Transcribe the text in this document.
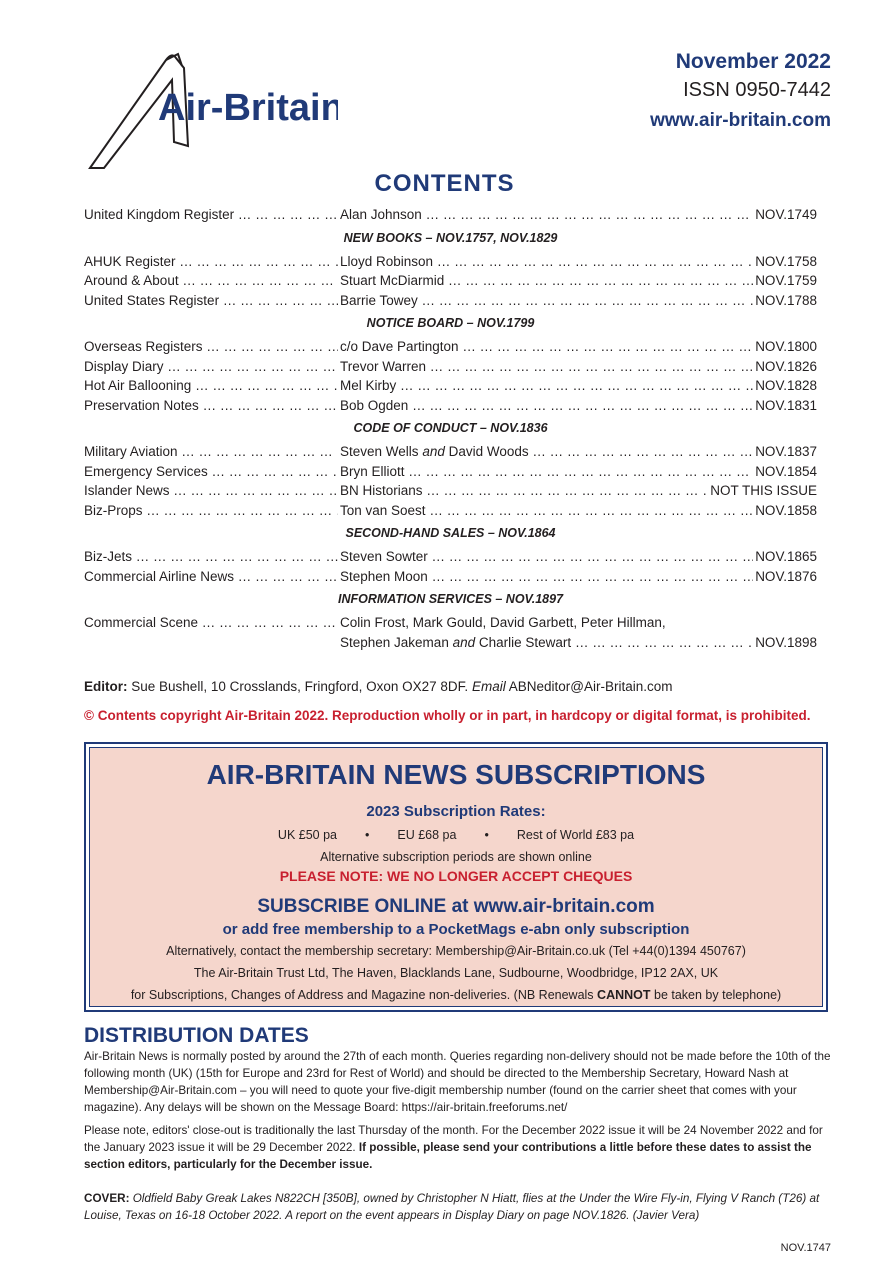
Air-Britain
November 2022
ISSN 0950-7442
www.air-britain.com
CONTENTS
United Kingdom Register … … … … … … … … … … … … … … … … … …	Alan Johnson … … … … … … … … … … … … … … … … … … … … … … … … … … … … … … … … … …	NOV.1749
NEW BOOKS – NOV.1757, NOV.1829
AHUK Register … … … … … … … … … … … … … … … … … …	Lloyd Robinson … … … … … … … … … … … … … … … … … … … … … … … … … … … … … … … … … …	NOV.1758
Around & About … … … … … … … … … … … … … … … … … …	Stuart McDiarmid … … … … … … … … … … … … … … … … … … … … … … … … … … … … … … … … … …	NOV.1759
United States Register … … … … … … … … … … … … … … … … … …	Barrie Towey … … … … … … … … … … … … … … … … … … … … … … … … … … … … … … … … … …	NOV.1788
NOTICE BOARD – NOV.1799
Overseas Registers … … … … … … … … … … … … … … … … … …	c/o Dave Partington … … … … … … … … … … … … … … … … … … … … … … … … … … … … … … … … … …	NOV.1800
Display Diary … … … … … … … … … … … … … … … … … …	Trevor Warren … … … … … … … … … … … … … … … … … … … … … … … … … … … … … … … … … …	NOV.1826
Hot Air Ballooning … … … … … … … … … … … … … … … … … …	Mel Kirby … … … … … … … … … … … … … … … … … … … … … … … … … … … … … … … … … …	NOV.1828
Preservation Notes … … … … … … … … … … … … … … … … … …	Bob Ogden … … … … … … … … … … … … … … … … … … … … … … … … … … … … … … … … … …	NOV.1831
CODE OF CONDUCT – NOV.1836
Military Aviation … … … … … … … … … … … … … … … … … …	Steven Wells and David Woods … … … … … … … … … … … … … … … … … … … … … … … … … … … … … … … … … …	NOV.1837
Emergency Services … … … … … … … … … … … … … … … … … …	Bryn Elliott … … … … … … … … … … … … … … … … … … … … … … … … … … … … … … … … … …	NOV.1854
Islander News … … … … … … … … … … … … … … … … … …	BN Historians … … … … … … … … … … … … … … … … … … … … … … … … … … … … … … … … … …	NOT THIS ISSUE
Biz-Props … … … … … … … … … … … … … … … … … …	Ton van Soest … … … … … … … … … … … … … … … … … … … … … … … … … … … … … … … … … …	NOV.1858
SECOND-HAND SALES – NOV.1864
Biz-Jets … … … … … … … … … … … … … … … … … …	Steven Sowter … … … … … … … … … … … … … … … … … … … … … … … … … … … … … … … … … …	NOV.1865
Commercial Airline News … … … … … … … … … … … … … … … … … …	Stephen Moon … … … … … … … … … … … … … … … … … … … … … … … … … … … … … … … … … …	NOV.1876
INFORMATION SERVICES – NOV.1897
Commercial Scene … … … … … … … … … … … … … … … … … …	Colin Frost, Mark Gould, David Garbett, Peter Hillman,
Stephen Jakeman and Charlie Stewart … … … … … … … … … … … … … … … … … … … … … … … … … … … … … … … … … …	NOV.1898
Editor: Sue Bushell, 10 Crosslands, Fringford, Oxon OX27 8DF. Email ABNeditor@Air-Britain.com
© Contents copyright Air-Britain 2022. Reproduction wholly or in part, in hardcopy or digital format, is prohibited.
AIR-BRITAIN NEWS SUBSCRIPTIONS
2023 Subscription Rates:
UK £50 pa • EU £68 pa • Rest of World £83 pa
Alternative subscription periods are shown online
PLEASE NOTE: WE NO LONGER ACCEPT CHEQUES
SUBSCRIBE ONLINE at www.air-britain.com
or add free membership to a PocketMags e-abn only subscription
Alternatively, contact the membership secretary: Membership@Air-Britain.co.uk (Tel +44(0)1394 450767)
The Air-Britain Trust Ltd, The Haven, Blacklands Lane, Sudbourne, Woodbridge, IP12 2AX, UK
for Subscriptions, Changes of Address and Magazine non-deliveries. (NB Renewals CANNOT be taken by telephone)
DISTRIBUTION DATES
Air-Britain News is normally posted by around the 27th of each month. Queries regarding non-delivery should not be made before the 10th of the following month (UK) (15th for Europe and 23rd for Rest of World) and should be directed to the Membership Secretary, Howard Nash at Membership@Air-Britain.com – you will need to quote your five-digit membership number (found on the carrier sheet that comes with your magazine). Any delays will be shown on the Message Board: https://air-britain.freeforums.net/
Please note, editors' close-out is traditionally the last Thursday of the month. For the December 2022 issue it will be 24 November 2022 and for the January 2023 issue it will be 29 December 2022. If possible, please send your contributions a little before these dates to assist the section editors, particularly for the December issue.
COVER: Oldfield Baby Greak Lakes N822CH [350B], owned by Christopher N Hiatt, flies at the Under the Wire Fly-in, Flying V Ranch (T26) at Louise, Texas on 16-18 October 2022. A report on the event appears in Display Diary on page NOV.1826. (Javier Vera)
NOV.1747
